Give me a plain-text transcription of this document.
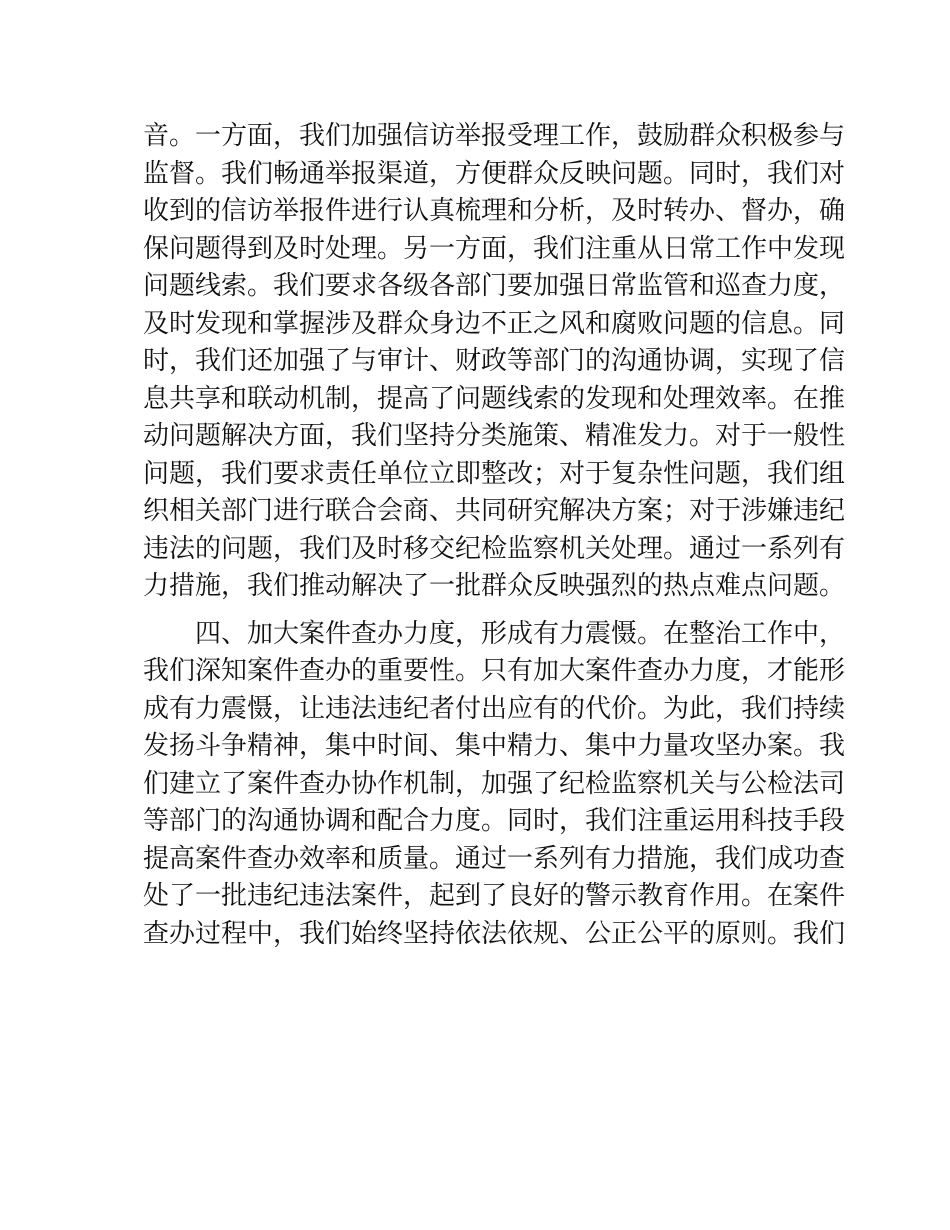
音。一方面，我们加强信访举报受理工作，鼓励群众积极参与
监督。我们畅通举报渠道，方便群众反映问题。同时，我们对
收到的信访举报件进行认真梳理和分析，及时转办、督办，确
保问题得到及时处理。另一方面，我们注重从日常工作中发现
问题线索。我们要求各级各部门要加强日常监管和巡查力度，
及时发现和掌握涉及群众身边不正之风和腐败问题的信息。同
时，我们还加强了与审计、财政等部门的沟通协调，实现了信
息共享和联动机制，提高了问题线索的发现和处理效率。在推
动问题解决方面，我们坚持分类施策、精准发力。对于一般性
问题，我们要求责任单位立即整改；对于复杂性问题，我们组
织相关部门进行联合会商、共同研究解决方案；对于涉嫌违纪
违法的问题，我们及时移交纪检监察机关处理。通过一系列有
力措施，我们推动解决了一批群众反映强烈的热点难点问题。
四、加大案件查办力度，形成有力震慑。在整治工作中，
我们深知案件查办的重要性。只有加大案件查办力度，才能形
成有力震慑，让违法违纪者付出应有的代价。为此，我们持续
发扬斗争精神，集中时间、集中精力、集中力量攻坚办案。我
们建立了案件查办协作机制，加强了纪检监察机关与公检法司
等部门的沟通协调和配合力度。同时，我们注重运用科技手段
提高案件查办效率和质量。通过一系列有力措施，我们成功查
处了一批违纪违法案件，起到了良好的警示教育作用。在案件
查办过程中，我们始终坚持依法依规、公正公平的原则。我们
